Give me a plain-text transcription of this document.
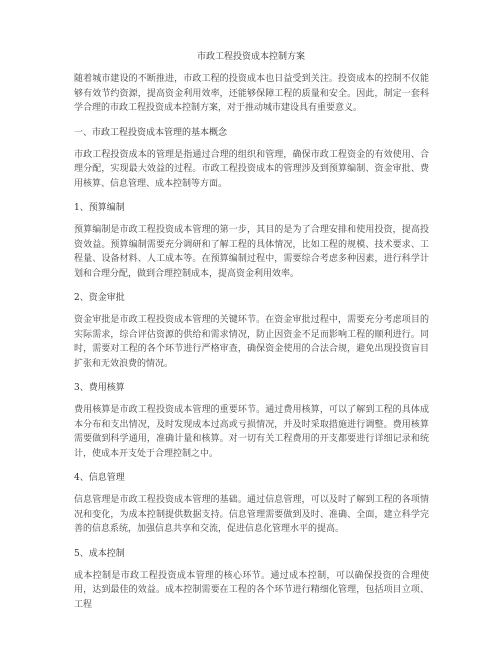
市政工程投资成本控制方案

随着城市建设的不断推进，市政工程的投资成本也日益受到关注。投资成本的控制不仅能够有效节约资源，提高资金利用效率，还能够保障工程的质量和安全。因此，制定一套科学合理的市政工程投资成本控制方案，对于推动城市建设具有重要意义。

一、市政工程投资成本管理的基本概念

市政工程投资成本的管理是指通过合理的组织和管理，确保市政工程资金的有效使用、合理分配，实现最大效益的过程。市政工程投资成本的管理涉及到预算编制、资金审批、费用核算、信息管理、成本控制等方面。

1、预算编制

预算编制是市政工程投资成本管理的第一步，其目的是为了合理安排和使用投资，提高投资效益。预算编制需要充分调研和了解工程的具体情况，比如工程的规模、技术要求、工程量、设备材料、人工成本等。在预算编制过程中，需要综合考虑多种因素，进行科学计划和合理分配，做到合理控制成本，提高资金利用效率。

2、资金审批

资金审批是市政工程投资成本管理的关键环节。在资金审批过程中，需要充分考虑项目的实际需求，综合评估资源的供给和需求情况，防止因资金不足而影响工程的顺利进行。同时，需要对工程的各个环节进行严格审查，确保资金使用的合法合规，避免出现投资盲目扩张和无效浪费的情况。

3、费用核算

费用核算是市政工程投资成本管理的重要环节。通过费用核算，可以了解到工程的具体成本分布和支出情况，及时发现成本过高或亏损情况，并及时采取措施进行调整。费用核算需要做到科学通用，准确计量和核算。对一切有关工程费用的开支都要进行详细记录和统计，使成本开支处于合理控制之中。

4、信息管理

信息管理是市政工程投资成本管理的基础。通过信息管理，可以及时了解到工程的各项情况和变化，为成本控制提供数据支持。信息管理需要做到及时、准确、全面，建立科学完善的信息系统，加强信息共享和交流，促进信息化管理水平的提高。

5、成本控制

成本控制是市政工程投资成本管理的核心环节。通过成本控制，可以确保投资的合理使用，达到最佳的效益。成本控制需要在工程的各个环节进行精细化管理，包括项目立项、工程
